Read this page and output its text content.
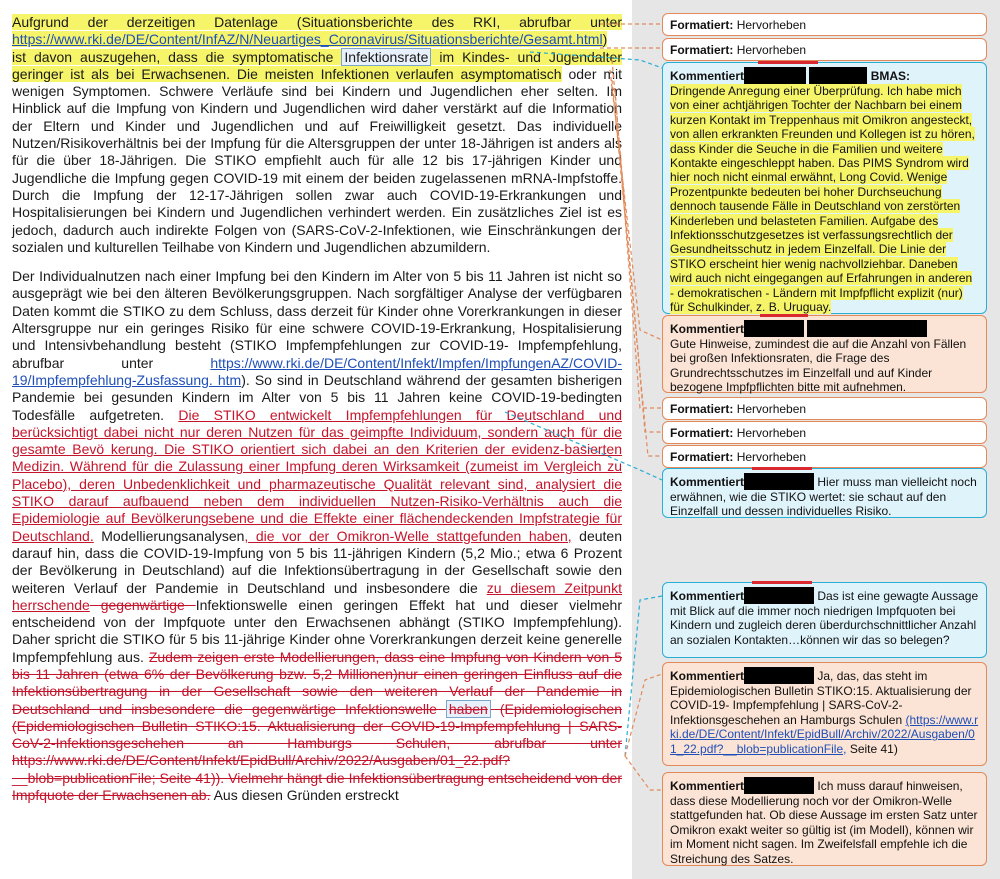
Aufgrund der derzeitigen Datenlage (Situationsberichte des RKI, abrufbar unter https://www.rki.de/DE/Content/InfAZ/N/Neuartiges_Coronavirus/Situationsberichte/Gesamt.html) ist davon auszugehen, dass die symptomatische Infektionsrate im Kindes- und Jugendalter geringer ist als bei Erwachsenen. Die meisten Infektionen verlaufen asymptomatisch oder mit wenigen Symptomen. Schwere Verläufe sind bei Kindern und Jugendlichen eher selten. Im Hinblick auf die Impfung von Kindern und Jugendlichen wird daher verstärkt auf die Information der Eltern und Kinder und Jugendlichen und auf Freiwilligkeit gesetzt. Das individuelle Nutzen/Risikoverhältnis bei der Impfung für die Altersgruppen der unter 18-Jährigen ist anders als für die über 18-Jährigen. Die STIKO empfiehlt auch für alle 12 bis 17-jährigen Kinder und Jugendliche die Impfung gegen COVID-19 mit einem der beiden zugelassenen mRNA-Impfstoffe. Durch die Impfung der 12-17-Jährigen sollen zwar auch COVID-19-Erkrankungen und Hospitalisierungen bei Kindern und Jugendlichen verhindert werden. Ein zusätzliches Ziel ist es jedoch, dadurch auch indirekte Folgen von (SARS-CoV-2-Infektionen, wie Einschränkungen der sozialen und kulturellen Teilhabe von Kindern und Jugendlichen abzumildern.

Der Individualnutzen nach einer Impfung bei den Kindern im Alter von 5 bis 11 Jahren ist nicht so ausgeprägt wie bei den älteren Bevölkerungsgruppen. Nach sorgfältiger Analyse der verfügbaren Daten kommt die STIKO zu dem Schluss, dass derzeit für Kinder ohne Vorerkrankungen in dieser Altersgruppe nur ein geringes Risiko für eine schwere COVID-19-Erkrankung, Hospitalisierung und Intensivbehandlung besteht (STIKO Impfempfehlungen zur COVID-19- Impfempfehlung, abrufbar unter https://www.rki.de/DE/Content/Infekt/Impfen/ImpfungenAZ/COVID-19/Impfempfehlung-Zusfassung. htm). So sind in Deutschland während der gesamten bisherigen Pandemie bei gesunden Kindern im Alter von 5 bis 11 Jahren keine COVID-19-bedingten Todesfälle aufgetreten. Die STIKO entwickelt Impfempfehlungen für Deutschland und berücksichtigt dabei nicht nur deren Nutzen für das geimpfte Individuum, sondern auch für die gesamte Bevö kerung. Die STIKO orientiert sich dabei an den Kriterien der evidenz-basierten Medizin. Während für die Zulassung einer Impfung deren Wirksamkeit (zumeist im Vergleich zu Placebo), deren Unbedenklichkeit und pharmazeutische Qualität relevant sind, analysiert die STIKO darauf aufbauend neben dem individuellen Nutzen-Risiko-Verhältnis auch die Epidemiologie auf Bevölkerungsebene und die Effekte einer flächendeckenden Impfstrategie für Deutschland. Modellierungsanalysen, die vor der Omikron-Welle stattgefunden haben, deuten darauf hin, dass die COVID-19-Impfung von 5 bis 11-jährigen Kindern (5,2 Mio.; etwa 6 Prozent der Bevölkerung in Deutschland) auf die Infektionsübertragung in der Gesellschaft sowie den weiteren Verlauf der Pandemie in Deutschland und insbesondere die zu diesem Zeitpunkt herrschende gegenwärtige Infektionswelle einen geringen Effekt hat und dieser vielmehr entscheidend von der Impfquote unter den Erwachsenen abhängt (STIKO Impfempfehlung). Daher spricht die STIKO für 5 bis 11-jährige Kinder ohne Vorerkrankungen derzeit keine generelle Impfempfehlung aus. Zudem zeigen erste Modellierungen, dass eine Impfung von Kindern von 5 bis 11 Jahren (etwa 6% der Bevölkerung bzw. 5,2 Millionen)nur einen geringen Einfluss auf die Infektionsübertragung in der Gesellschaft sowie den weiteren Verlauf der Pandemie in Deutschland und insbesondere die gegenwärtige Infektionswelle haben (Epidemiologischen (Epidemiologischen Bulletin STIKO:15. Aktualisierung der COVID-19-Impfempfehlung | SARS-CoV-2-Infektionsgeschehen an Hamburgs Schulen, abrufbar unter https://www.rki.de/DE/Content/Infekt/EpidBull/Archiv/2022/Ausgaben/01_22.pdf?__blob=publicationFile; Seite 41)). Vielmehr hängt die Infektionsübertragung entscheidend von der Impfquote der Erwachsenen ab. Aus diesen Gründen erstreckt

Formatiert: Hervorheben
Formatiert: Hervorheben
Kommentiert	BMAS:
Dringende Anregung einer Überprüfung. Ich habe mich von einer achtjährigen Tochter der Nachbarn bei einem kurzen Kontakt im Treppenhaus mit Omikron angesteckt, von allen erkrankten Freunden und Kollegen ist zu hören, dass Kinder die Seuche in die Familien und weitere Kontakte eingeschleppt haben. Das PIMS Syndrom wird hier noch nicht einmal erwähnt, Long Covid. Wenige Prozentpunkte bedeuten bei hoher Durchseuchung dennoch tausende Fälle in Deutschland von zerstörten Kinderleben und belasteten Familien. Aufgabe des Infektionsschutzgesetzes ist verfassungsrechtlich der Gesundheitsschutz in jedem Einzelfall. Die Linie der STIKO erscheint hier wenig nachvollziehbar. Daneben wird auch nicht eingegangen auf Erfahrungen in anderen - demokratischen - Ländern mit Impfpflicht explizit (nur) für Schulkinder, z. B. Uruguay.
Kommentiert
Gute Hinweise, zumindest die auf die Anzahl von Fällen bei großen Infektionsraten, die Frage des Grundrechtsschutzes im Einzelfall und auf Kinder bezogene Impfpflichten bitte mit aufnehmen.
Formatiert: Hervorheben
Formatiert: Hervorheben
Formatiert: Hervorheben
Kommentiert	Hier muss man vielleicht noch erwähnen, wie die STIKO wertet: sie schaut auf den Einzelfall und dessen individuelles Risiko.
Kommentiert	Das ist eine gewagte Aussage mit Blick auf die immer noch niedrigen Impfquoten bei Kindern und zugleich deren überdurchschnittlicher Anzahl an sozialen Kontakten…können wir das so belegen?
Kommentiert	Ja, das, das steht im Epidemiologischen Bulletin STIKO:15. Aktualisierung der COVID-19- Impfempfehlung | SARS-CoV-2-Infektionsgeschehen an Hamburgs Schulen (https://www.rki.de/DE/Content/Infekt/EpidBull/Archiv/2022/Ausgaben/01_22.pdf?__blob=publicationFile, Seite 41)
Kommentiert	Ich muss darauf hinweisen, dass diese Modellierung noch vor der Omikron-Welle stattgefunden hat. Ob diese Aussage im ersten Satz unter Omikron exakt weiter so gültig ist (im Modell), können wir im Moment nicht sagen. Im Zweifelsfall empfehle ich die Streichung des Satzes.
